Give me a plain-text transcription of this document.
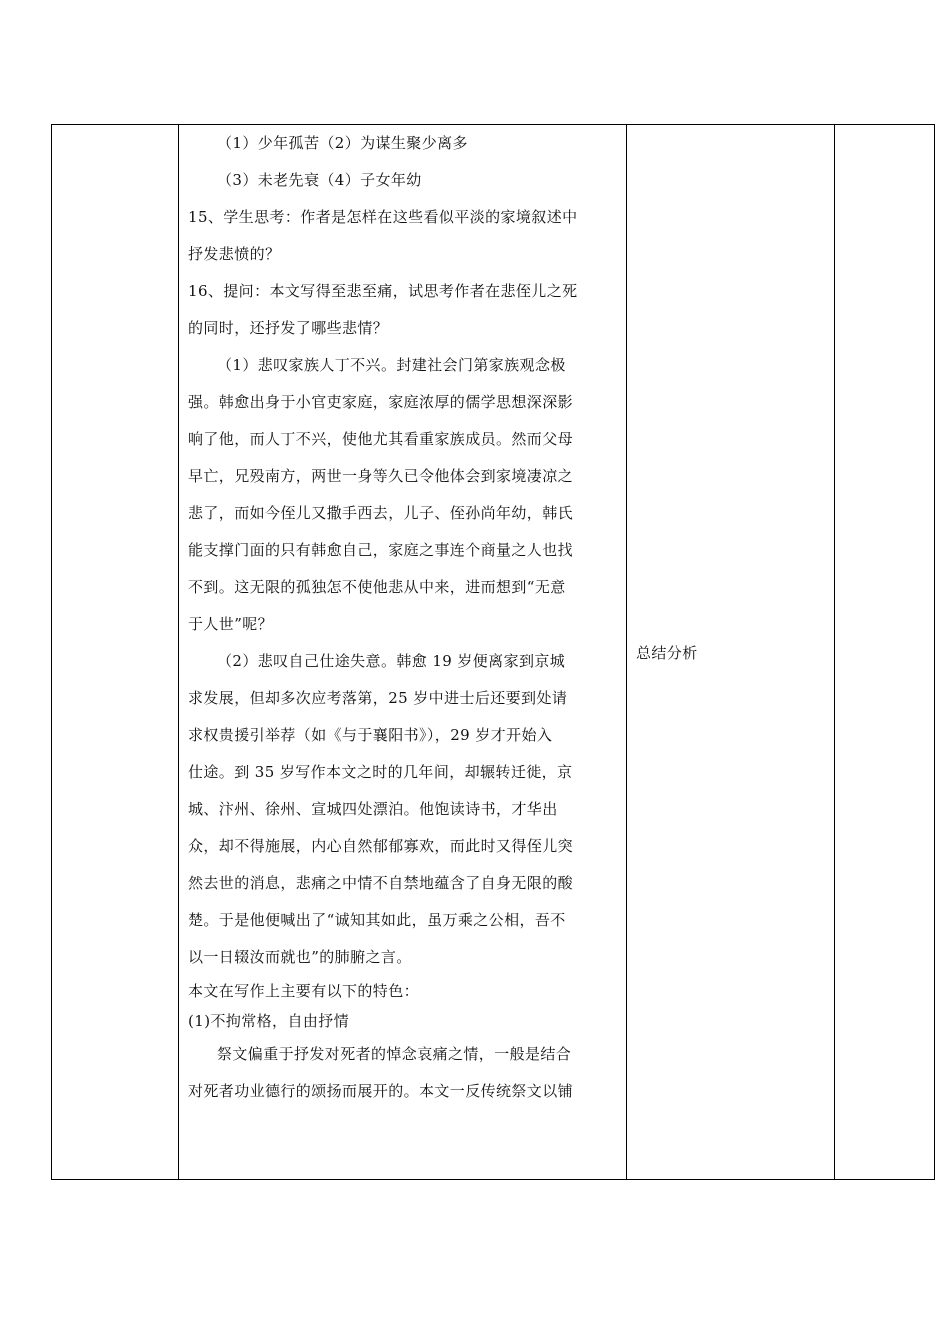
（1）少年孤苦（2）为谋生聚少离多

（3）未老先衰（4）子女年幼

15、学生思考：作者是怎样在这些看似平淡的家境叙述中

抒发悲愤的？

16、提问：本文写得至悲至痛，试思考作者在悲侄儿之死

的同时，还抒发了哪些悲情？

（1）悲叹家族人丁不兴。封建社会门第家族观念极

强。韩愈出身于小官吏家庭，家庭浓厚的儒学思想深深影

响了他，而人丁不兴，使他尤其看重家族成员。然而父母

早亡，兄殁南方，两世一身等久已令他体会到家境凄凉之

悲了，而如今侄儿又撒手西去，儿子、侄孙尚年幼，韩氏

能支撑门面的只有韩愈自己，家庭之事连个商量之人也找

不到。这无限的孤独怎不使他悲从中来，进而想到“无意

于人世”呢？

（2）悲叹自己仕途失意。韩愈 19 岁便离家到京城

求发展，但却多次应考落第，25 岁中进士后还要到处请

求权贵援引举荐（如《与于襄阳书》），29 岁才开始入

仕途。到 35 岁写作本文之时的几年间，却辗转迁徙，京

城、汴州、徐州、宣城四处漂泊。他饱读诗书，才华出

众，却不得施展，内心自然郁郁寡欢，而此时又得侄儿突

然去世的消息，悲痛之中情不自禁地蕴含了自身无限的酸

楚。于是他便喊出了“诚知其如此，虽万乘之公相，吾不

以一日辍汝而就也”的肺腑之言。

本文在写作上主要有以下的特色：

(1)不拘常格，自由抒情

祭文偏重于抒发对死者的悼念哀痛之情，一般是结合

对死者功业德行的颂扬而展开的。本文一反传统祭文以铺

	总结分析	
